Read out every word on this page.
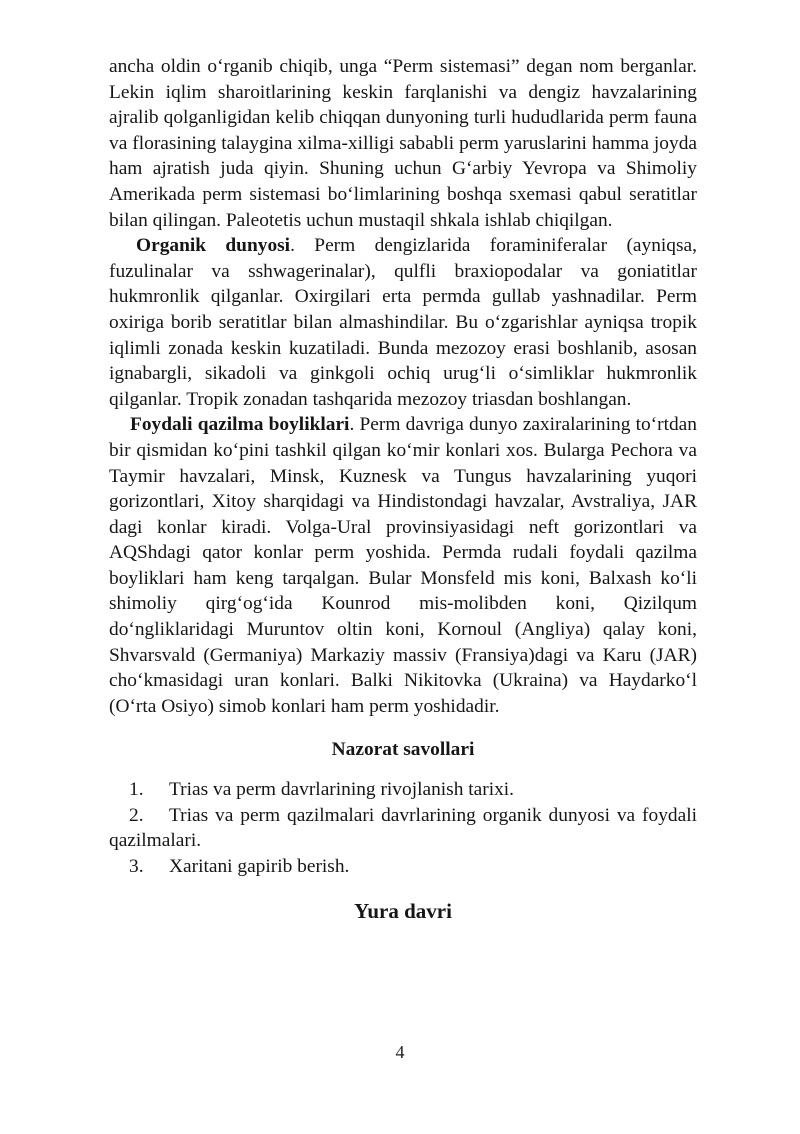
ancha oldin o‘rganib chiqib, unga “Perm sistemasi” degan nom berganlar. Lekin iqlim sharoitlarining keskin farqlanishi va dengiz havzalarining ajralib qolganligidan kelib chiqqan dunyoning turli hududlarida perm fauna va florasining talaygina xilma-xilligi sababli perm yaruslarini hamma joyda ham ajratish juda qiyin. Shuning uchun G‘arbiy Yevropa va Shimoliy Amerikada perm sistemasi bo‘limlarining boshqa sxemasi qabul seratitlar bilan qilingan. Paleotetis uchun mustaqil shkala ishlab chiqilgan.

Organik dunyosi. Perm dengizlarida foraminiferalar (ayniqsa, fuzulinalar va sshwagerinalar), qulfli braxiopodalar va goniatitlar hukmronlik qilganlar. Oxirgilari erta permda gullab yashnadilar. Perm oxiriga borib seratitlar bilan almashindilar. Bu o‘zgarishlar ayniqsa tropik iqlimli zonada keskin kuzatiladi. Bunda mezozoy erasi boshlanib, asosan ignabargli, sikadoli va ginkgoli ochiq urug‘li o‘simliklar hukmronlik qilganlar. Tropik zonadan tashqarida mezozoy triasdan boshlangan.

Foydali qazilma boyliklari. Perm davriga dunyo zaxiralarining to‘rtdan bir qismidan ko‘pini tashkil qilgan ko‘mir konlari xos. Bularga Pechora va Taymir havzalari, Minsk, Kuznesk va Tungus havzalarining yuqori gorizontlari, Xitoy sharqidagi va Hindistondagi havzalar, Avstraliya, JAR dagi konlar kiradi. Volga-Ural provinsiyasidagi neft gorizontlari va AQShdagi qator konlar perm yoshida. Permda rudali foydali qazilma boyliklari ham keng tarqalgan. Bular Monsfeld mis koni, Balxash ko‘li shimoliy qirg‘og‘ida Kounrod mis-molibden koni, Qizilqum do‘ngliklaridagi Muruntov oltin koni, Kornoul (Angliya) qalay koni, Shvarsvald (Germaniya) Markaziy massiv (Fransiya)dagi va Karu (JAR) cho‘kmasidagi uran konlari. Balki Nikitovka (Ukraina) va Haydarko‘l (O‘rta Osiyo) simob konlari ham perm yoshidadir.

Nazorat savollari

1. Trias va perm davrlarining rivojlanish tarixi.
2. Trias va perm qazilmalari davrlarining organik dunyosi va foydali qazilmalari.
3. Xaritani gapirib berish.

Yura davri

4
